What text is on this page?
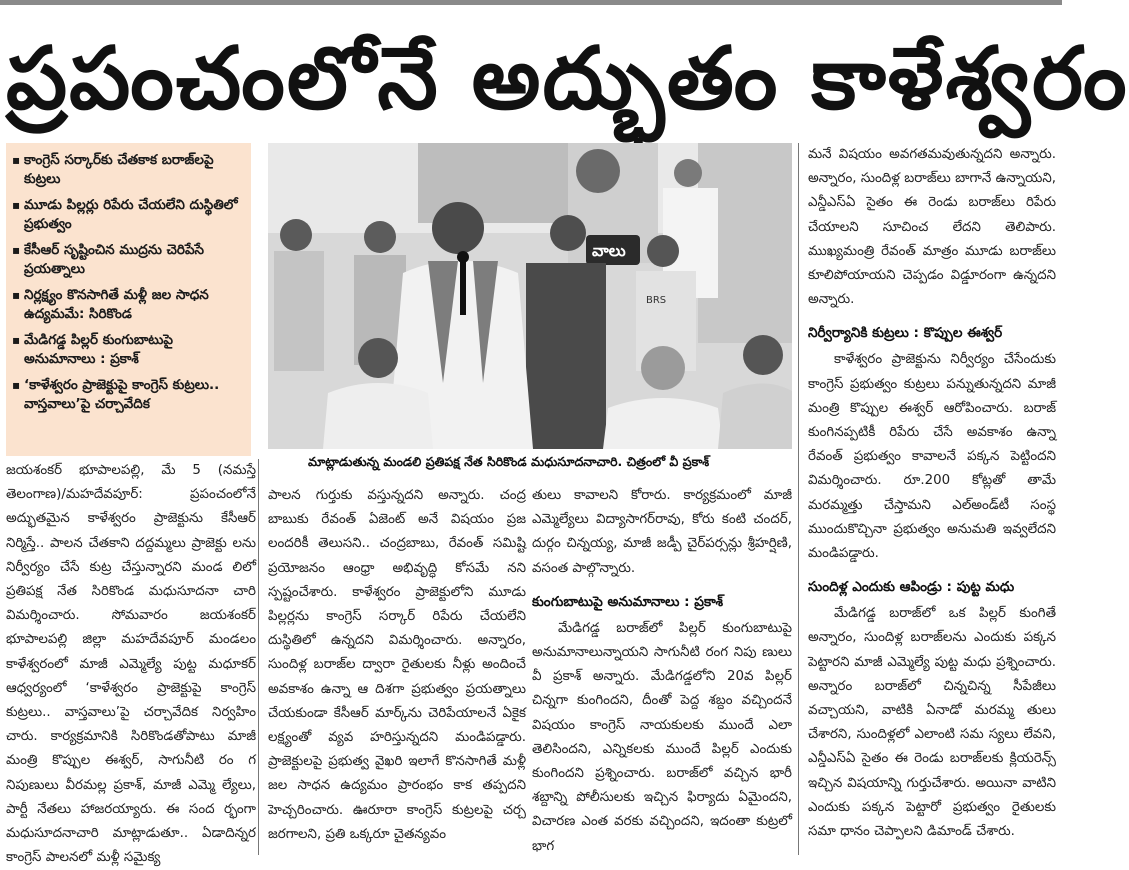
ప్రపంచంలోనే అద్భుతం కాళేశ్వరం
▪ కాంగ్రెస్ సర్కార్‌కు చేతకాక బరాజ్‌లపై కుట్రలు
▪ మూడు పిల్లర్లు రిపేరు చేయలేని దుస్థితిలో ప్రభుత్వం
▪ కేసీఆర్ సృష్టించిన ముద్రను చెరిపేసే ప్రయత్నాలు
▪ నిర్లక్ష్యం కొనసాగితే మళ్లీ జల సాధన ఉద్యమమే: సిరికొండ
▪ మేడిగడ్డ పిల్లర్ కుంగుబాటుపై అనుమానాలు : ప్రకాశ్
▪ ‘కాళేశ్వరం ప్రాజెక్టుపై కాంగ్రెస్ కుట్రలు.. వాస్తవాలు’పై చర్చావేదిక
వాలు
BRS
మాట్లాడుతున్న మండలి ప్రతిపక్ష నేత సిరికొండ మధుసూదనాచారి. చిత్రంలో వీ ప్రకాశ్

జయశంకర్ భూపాలపల్లి, మే 5 (నమస్తే తెలంగాణ)/మహదేవపూర్: ప్రపంచంలోనే అద్భుతమైన కాళేశ్వరం ప్రాజెక్టును కేసీఆర్ నిర్మిస్తే.. పాలన చేతకాని దద్దమ్మలు ప్రాజెక్టు లను నిర్వీర్యం చేసే కుట్ర చేస్తున్నారని మండ లిలో ప్రతిపక్ష నేత సిరికొండ మధుసూదనా చారి విమర్శించారు. సోమవారం జయశంకర్ భూపాలపల్లి జిల్లా మహదేవపూర్ మండలం కాళేశ్వరంలో మాజీ ఎమ్మెల్యే పుట్ట మధూకర్ ఆధ్వర్యంలో ‘కాళేశ్వరం ప్రాజెక్టుపై కాంగ్రెస్ కుట్రలు.. వాస్తవాలు’పై చర్చావేదిక నిర్వహిం చారు. కార్యక్రమానికి సిరికొండతోపాటు మాజీ మంత్రి కొప్పుల ఈశ్వర్, సాగునీటి రం గ నిపుణులు వీరమల్ల ప్రకాశ్, మాజీ ఎమ్మె ల్యేలు, పార్టీ నేతలు హాజరయ్యారు. ఈ సంద ర్భంగా మధుసూదనాచారి మాట్లాడుతూ.. ఏడాదిన్నర కాంగ్రెస్ పాలనలో మళ్లీ సమైక్య

పాలన గుర్తుకు వస్తున్నదని అన్నారు. చంద్ర బాబుకు రేవంత్ ఏజెంట్ అనే విషయం ప్రజ లందరికీ తెలుసని.. చంద్రబాబు, రేవంత్ సమిష్టి ప్రయోజనం ఆంధ్రా అభివృద్ధి కోసమే నని స్పష్టంచేశారు. కాళేశ్వరం ప్రాజెక్టులోని మూడు పిల్లర్లను కాంగ్రెస్ సర్కార్ రిపేరు చేయలేని దుస్థితిలో ఉన్నదని విమర్శించారు. అన్నారం, సుందిళ్ల బరాజ్‌ల ద్వారా రైతులకు నీళ్లు అందించే అవకాశం ఉన్నా ఆ దిశగా ప్రభుత్వం ప్రయత్నాలు చేయకుండా కేసీఆర్ మార్క్‌ను చెరిపేయాలనే ఏకైక లక్ష్యంతో వ్యవ హరిస్తున్నదని మండిపడ్డారు. ప్రాజెక్టులపై ప్రభుత్వ వైఖరి ఇలాగే కొనసాగితే మళ్లీ జల సాధన ఉద్యమం ప్రారంభం కాక తప్పదని హెచ్చరించారు. ఊరూరా కాంగ్రెస్ కుట్రలపై చర్చ జరగాలని, ప్రతి ఒక్కరూ చైతన్యవం

తులు కావాలని కోరారు. కార్యక్రమంలో మాజీ ఎమ్మెల్యేలు విద్యాసాగర్‌రావు, కోరు కంటి చందర్, దుర్గం చిన్నయ్య, మాజీ జడ్పీ చైర్‌పర్సన్లు శ్రీహర్షిణి, వసంత పాల్గొన్నారు.

కుంగుబాటుపై అనుమానాలు : ప్రకాశ్

మేడిగడ్డ బరాజ్‌లో పిల్లర్ కుంగుబాటుపై అనుమానాలున్నాయని సాగునీటి రంగ నిపు ణులు వీ ప్రకాశ్ అన్నారు. మేడిగడ్డలోని 20వ పిల్లర్ చిన్నగా కుంగిందని, దీంతో పెద్ద శబ్దం వచ్చిందనే విషయం కాంగ్రెస్ నాయకులకు ముందే ఎలా తెలిసిందని, ఎన్నికలకు ముందే పిల్లర్ ఎందుకు కుంగిందని ప్రశ్నించారు. బరాజ్‌లో వచ్చిన భారీ శబ్దాన్ని పోలీసులకు ఇచ్చిన ఫిర్యాదు ఏమైందని, విచారణ ఎంత వరకు వచ్చిందని, ఇదంతా కుట్రలో భాగ

మనే విషయం అవగతమవుతున్నదని అన్నారు. అన్నారం, సుందిళ్ల బరాజ్‌లు బాగానే ఉన్నాయని, ఎన్డీఎస్‌ఏ సైతం ఈ రెండు బరాజ్‌లు రిపేరు చేయాలని సూచించ లేదని తెలిపారు. ముఖ్యమంత్రి రేవంత్ మాత్రం మూడు బరాజ్‌లు కూలిపోయాయని చెప్పడం విడ్డూరంగా ఉన్నదని అన్నారు.

నిర్వీర్యానికి కుట్రలు : కొప్పుల ఈశ్వర్

కాళేశ్వరం ప్రాజెక్టును నిర్వీర్యం చేసేందుకు కాంగ్రెస్ ప్రభుత్వం కుట్రలు పన్నుతున్నదని మాజీ మంత్రి కొప్పుల ఈశ్వర్ ఆరోపించారు. బరాజ్ కుంగినప్పటికీ రిపేరు చేసే అవకాశం ఉన్నా రేవంత్ ప్రభుత్వం కావాలనే పక్కన పెట్టిందని విమర్శించారు. రూ.200 కోట్లతో తామే మరమ్మత్తు చేస్తామని ఎల్అండ్‌టీ సంస్థ ముందుకొచ్చినా ప్రభుత్వం అనుమతి ఇవ్వలేదని మండిపడ్డారు.

సుందిళ్ల ఎందుకు ఆపిండ్రు : పుట్ట మధు

మేడిగడ్డ బరాజ్‌లో ఒక పిల్లర్ కుంగితే అన్నారం, సుందిళ్ల బరాజ్‌లను ఎందుకు పక్కన పెట్టారని మాజీ ఎమ్మెల్యే పుట్ట మధు ప్రశ్నించారు. అన్నారం బరాజ్‌లో చిన్నచిన్న సీపేజీలు వచ్చాయని, వాటికి ఏనాడో మరమ్మ తులు చేశారని, సుందిళ్లలో ఎలాంటి సమ స్యలు లేవని, ఎన్డీఎస్‌ఏ సైతం ఈ రెండు బరాజ్‌లకు క్లియరెన్స్ ఇచ్చిన విషయాన్ని గుర్తుచేశారు. అయినా వాటిని ఎందుకు పక్కన పెట్టారో ప్రభుత్వం రైతులకు సమా ధానం చెప్పాలని డిమాండ్ చేశారు.
